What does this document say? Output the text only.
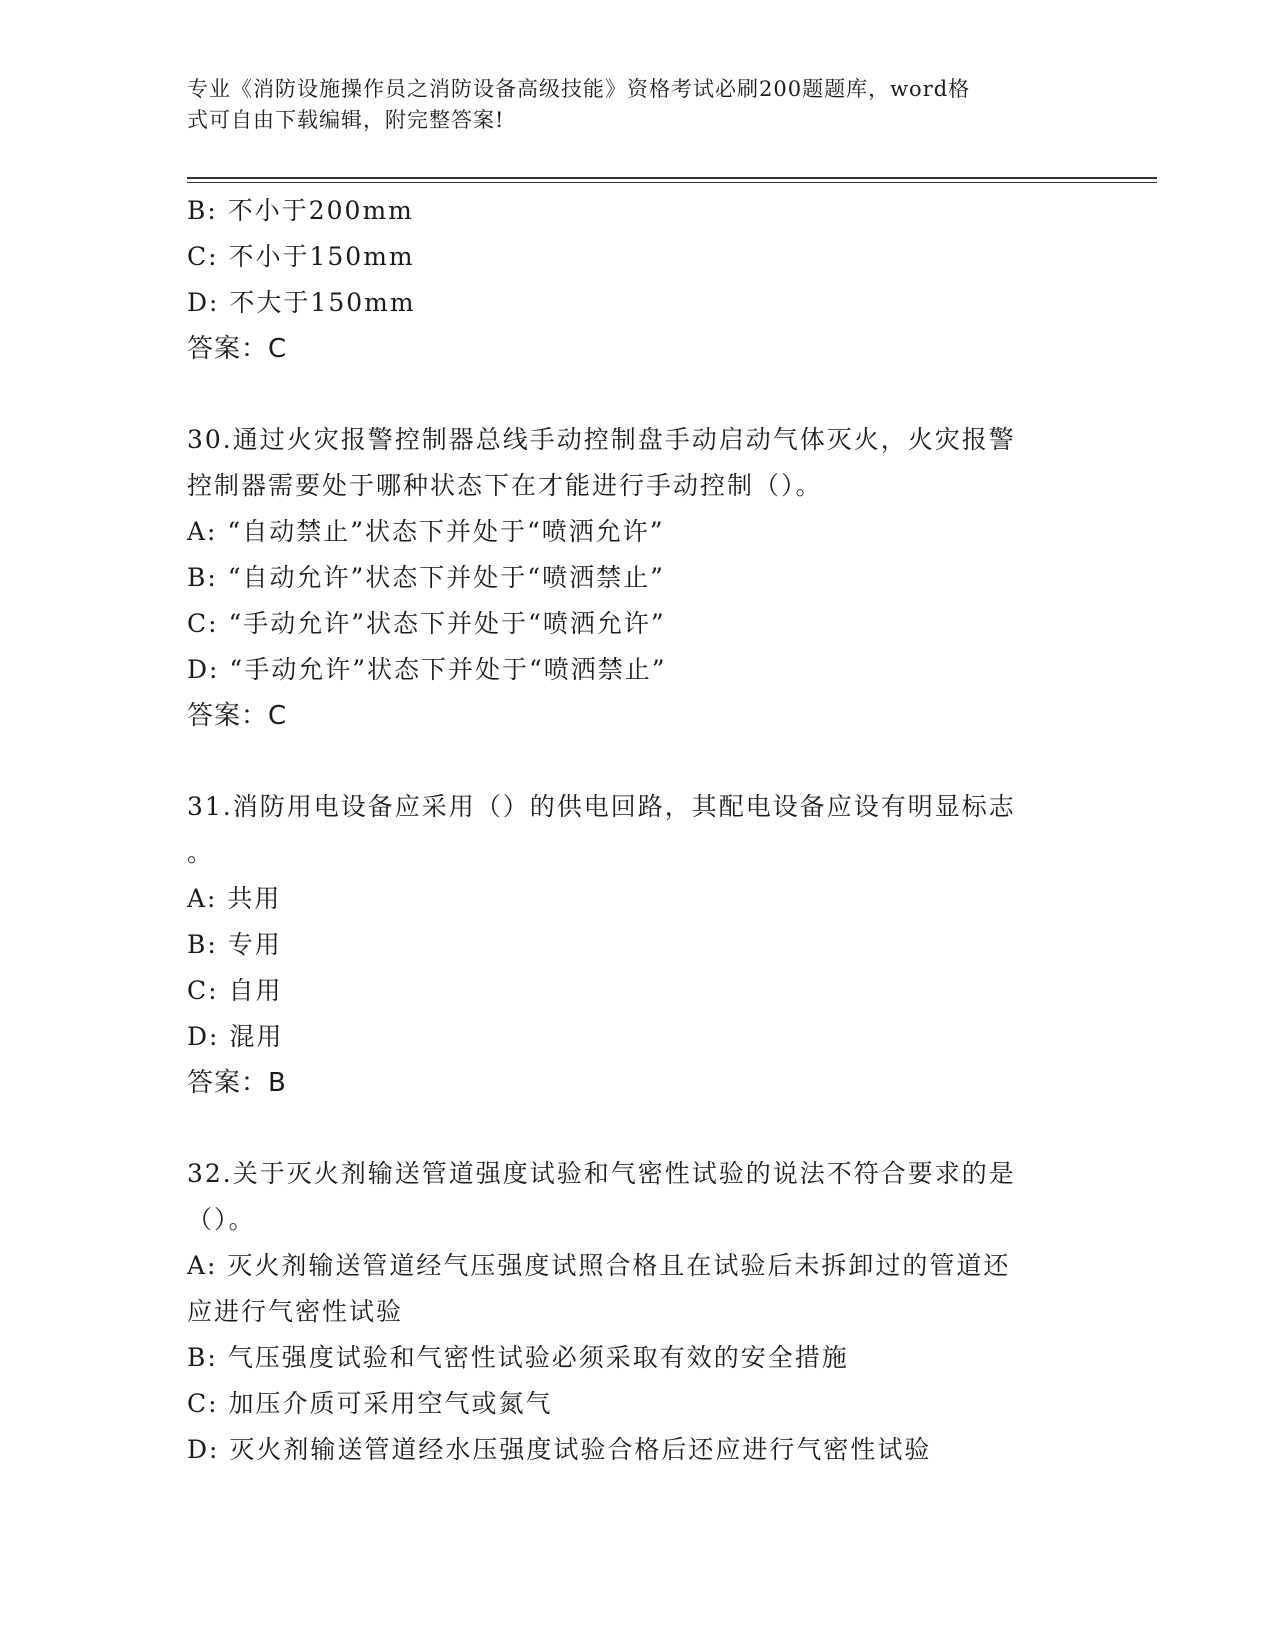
专业《消防设施操作员之消防设备高级技能》资格考试必刷200题题库，word格
式可自由下载编辑，附完整答案!

B: 不小于200mm

C: 不小于150mm

D: 不大于150mm

答案：C

30.通过火灾报警控制器总线手动控制盘手动启动气体灭火，火灾报警

控制器需要处于哪种状态下在才能进行手动控制（）。

A: “自动禁止”状态下并处于“喷洒允许”

B: “自动允许”状态下并处于“喷洒禁止”

C: “手动允许”状态下并处于“喷洒允许”

D: “手动允许”状态下并处于“喷洒禁止”

答案：C

31.消防用电设备应采用（）的供电回路，其配电设备应设有明显标志

。

A: 共用

B: 专用

C: 自用

D: 混用

答案：B

32.关于灭火剂输送管道强度试验和气密性试验的说法不符合要求的是

（）。

A: 灭火剂输送管道经气压强度试照合格且在试验后未拆卸过的管道还

应进行气密性试验

B: 气压强度试验和气密性试验必须采取有效的安全措施

C: 加压介质可采用空气或氮气

D: 灭火剂输送管道经水压强度试验合格后还应进行气密性试验
